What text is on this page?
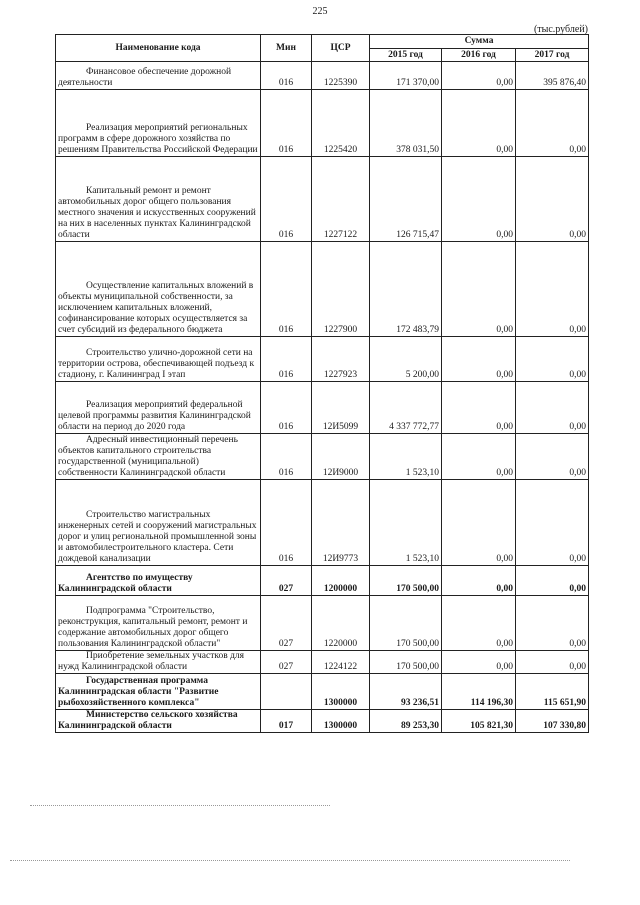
225
(тыс.рублей)
Наименование кода	Мин	ЦСР	Сумма		
			2015 год	2016 год	2017 год

Финансовое обеспечение дорожной деятельности	016	1225390	171 370,00	0,00	395 876,40

Реализация мероприятий региональных программ в сфере дорожного хозяйства по решениям Правительства Российской Федерации	016	1225420	378 031,50	0,00	0,00

Капитальный ремонт и ремонт автомобильных дорог общего пользования местного значения и искусственных сооружений на них в населенных пунктах Калининградской области	016	1227122	126 715,47	0,00	0,00

Осуществление капитальных вложений в объекты муниципальной собственности, за исключением капитальных вложений, софинансирование которых осуществляется за счет субсидий из федерального бюджета	016	1227900	172 483,79	0,00	0,00

Строительство улично-дорожной сети на территории острова, обеспечивающей подъезд к стадиону, г. Калининград I этап	016	1227923	5 200,00	0,00	0,00

Реализация мероприятий федеральной целевой программы развития Калининградской области на период до 2020 года	016	12И5099	4 337 772,77	0,00	0,00

Адресный инвестиционный перечень объектов капитального строительства государственной (муниципальной) собственности Калининградской области	016	12И9000	1 523,10	0,00	0,00

Строительство магистральных инженерных сетей и сооружений магистральных дорог и улиц региональной промышленной зоны и автомобилестроительного кластера. Сети дождевой канализации	016	12И9773	1 523,10	0,00	0,00

Агентство по имуществу Калининградской области	027	1200000	170 500,00	0,00	0,00

Подпрограмма "Строительство, реконструкция, капитальный ремонт, ремонт и содержание автомобильных дорог общего пользования Калининградской области"	027	1220000	170 500,00	0,00	0,00

Приобретение земельных участков для нужд Калининградской области	027	1224122	170 500,00	0,00	0,00

Государственная программа Калининградская области "Развитие рыбохозяйственного комплекса"		1300000	93 236,51	114 196,30	115 651,90

Министерство сельского хозяйства Калининградской области	017	1300000	89 253,30	105 821,30	107 330,80
